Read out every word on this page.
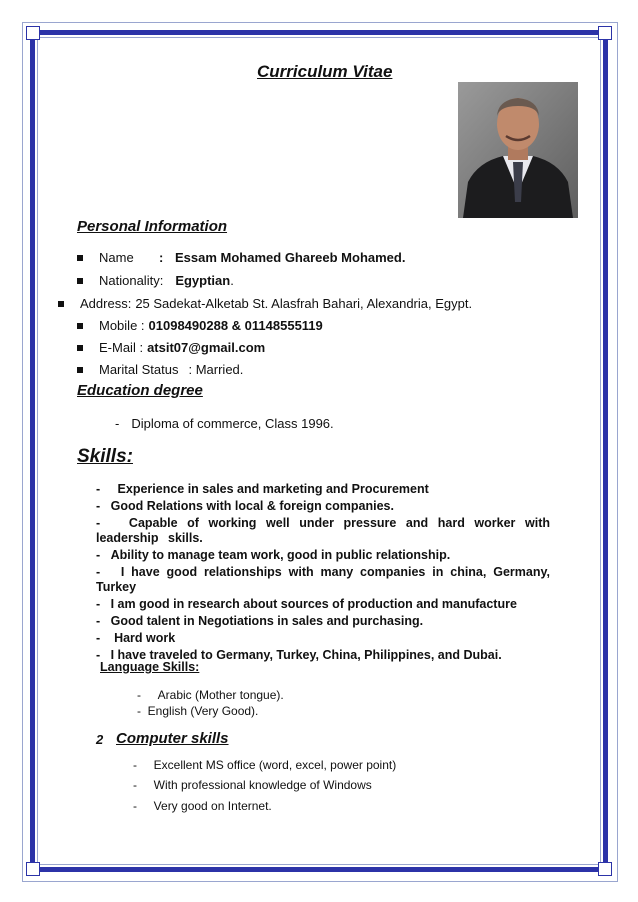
Curriculum Vitae
Personal Information
Name	: Essam Mohamed Ghareeb Mohamed.
Nationality: Egyptian .
Address: 25 Sadekat-Alketab St. Alasfrah Bahari, Alexandria, Egypt.
Mobile : 01098490288 & 01148555119
E-Mail : atsit07@gmail.com
Marital Status : Married.
Education degree
- Diploma of commerce, Class 1996.
Skills:
-     Experience in sales and marketing and Procurement
-   Good Relations with local & foreign companies.
-   Capable of working well under pressure and hard worker with leadership skills.
-   Ability to manage team work, good in public relationship.
-   I have good relationships with many companies in china, Germany, Turkey
-   I am good in research about sources of production and manufacture
-   Good talent in Negotiations in sales and purchasing.
-    Hard work
-   I have traveled to Germany, Turkey, China, Philippines, and Dubai.
Language Skills:
-     Arabic (Mother tongue).
-  English (Very Good).
2 Computer skills
-     Excellent MS office (word, excel, power point)
-     With professional knowledge of Windows
-     Very good on Internet.
